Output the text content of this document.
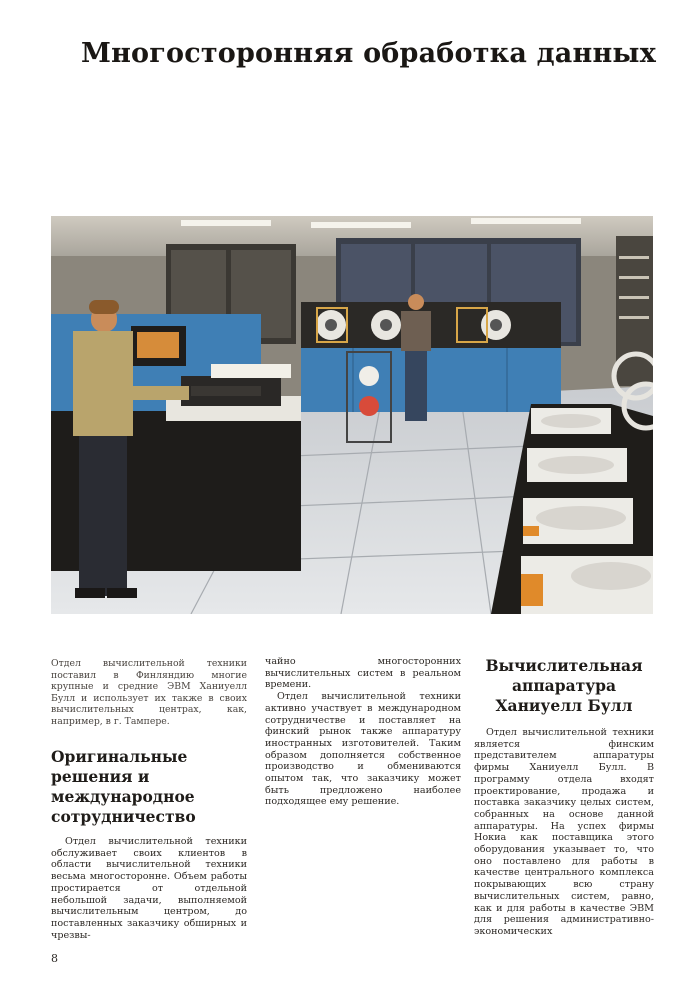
Многосторонняя обработка данных
Отдел вычислительной техники поставил в Финляндию многие крупные и средние ЭВМ Ханиуелл Булл и использует их также в своих вычислительных центрах, как, например, в г. Тампере.
Оригинальные решения и международное сотрудничество
Отдел вычислительной техники обслуживает своих клиентов в области вычислительной техники весьма многосторонне. Объем работы простирается от отдельной небольшой задачи, выполняемой вычислительным центром, до поставленных заказчику обширных и чрезвы-

чайно многосторонних вычислительных систем в реальном времени.

Отдел вычислительной техники активно участвует в международном сотрудничестве и поставляет на финский рынок также аппаратуру иностранных изготовителей. Таким образом дополняется собственное производство и обмениваются опытом так, что заказчику может быть предложено наиболее подходящее ему решение.

Вычислительная аппаратура Ханиуелл Булл
Отдел вычислительной техники является финским представителем аппаратуры фирмы Ханиуелл Булл. В программу отдела входят проектирование, продажа и поставка заказчику целых систем, собранных на основе данной аппаратуры. На успех фирмы Нокиа как поставщика этого оборудования указывает то, что оно поставлено для работы в качестве центрального комплекса покрывающих всю страну вычислительных систем, равно, как и для работы в качестве ЭВМ для решения административно-экономических
8
